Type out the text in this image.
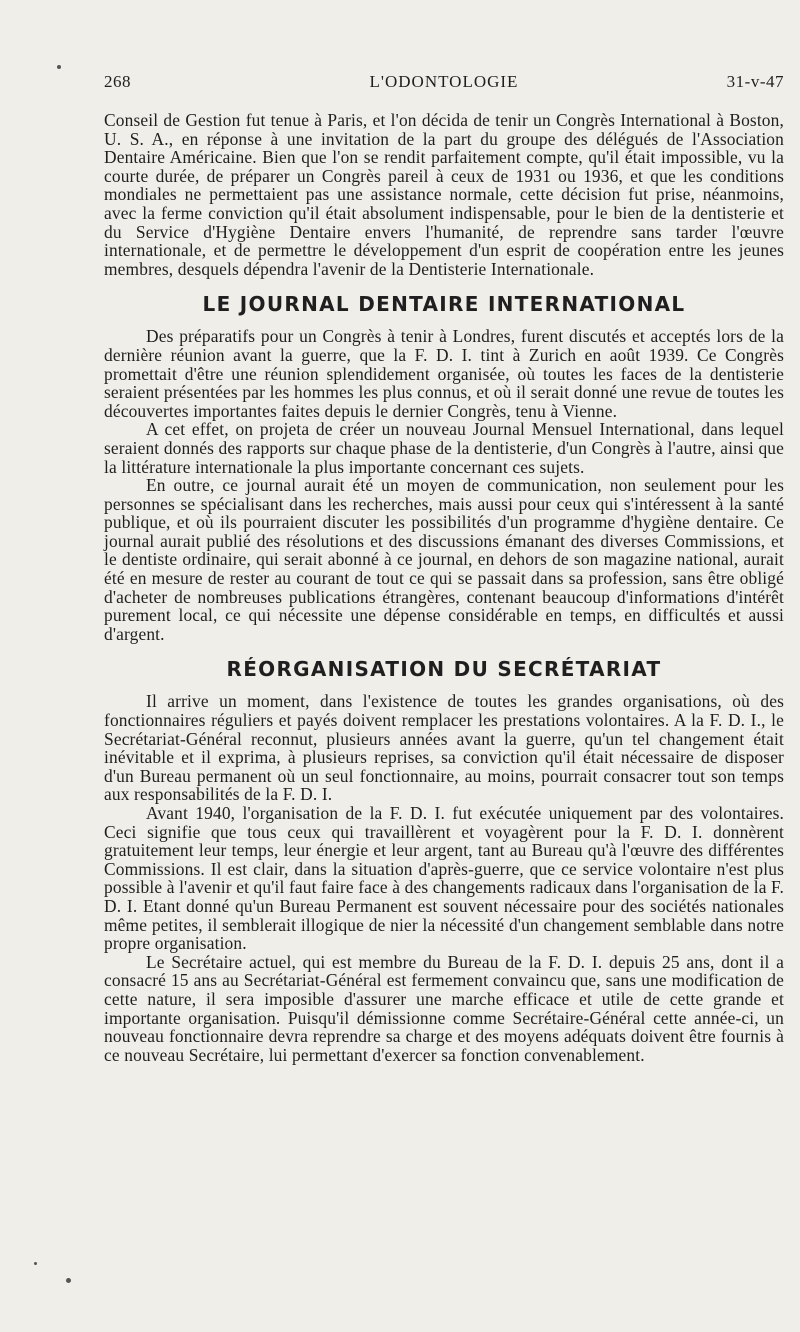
268	L'ODONTOLOGIE	31-v-47

Conseil de Gestion fut tenue à Paris, et l'on décida de tenir un Congrès International à Boston, U. S. A., en réponse à une invitation de la part du groupe des délégués de l'Association Dentaire Américaine. Bien que l'on se rendit parfaitement compte, qu'il était impossible, vu la courte durée, de préparer un Congrès pareil à ceux de 1931 ou 1936, et que les conditions mondiales ne permettaient pas une assistance normale, cette décision fut prise, néanmoins, avec la ferme conviction qu'il était absolument indispensable, pour le bien de la dentisterie et du Service d'Hygiène Dentaire envers l'humanité, de reprendre sans tarder l'œuvre internationale, et de permettre le développement d'un esprit de coopération entre les jeunes membres, desquels dépendra l'avenir de la Dentisterie Internationale.

LE JOURNAL DENTAIRE INTERNATIONAL

Des préparatifs pour un Congrès à tenir à Londres, furent discutés et acceptés lors de la dernière réunion avant la guerre, que la F. D. I. tint à Zurich en août 1939. Ce Congrès promettait d'être une réunion splendidement organisée, où toutes les faces de la dentisterie seraient présentées par les hommes les plus connus, et où il serait donné une revue de toutes les découvertes importantes faites depuis le dernier Congrès, tenu à Vienne.

A cet effet, on projeta de créer un nouveau Journal Mensuel International, dans lequel seraient donnés des rapports sur chaque phase de la dentisterie, d'un Congrès à l'autre, ainsi que la littérature internationale la plus importante concernant ces sujets.

En outre, ce journal aurait été un moyen de communication, non seulement pour les personnes se spécialisant dans les recherches, mais aussi pour ceux qui s'intéressent à la santé publique, et où ils pourraient discuter les possibilités d'un programme d'hygiène dentaire. Ce journal aurait publié des résolutions et des discussions émanant des diverses Commissions, et le dentiste ordinaire, qui serait abonné à ce journal, en dehors de son magazine national, aurait été en mesure de rester au courant de tout ce qui se passait dans sa profession, sans être obligé d'acheter de nombreuses publications étrangères, contenant beaucoup d'informations d'intérêt purement local, ce qui nécessite une dépense considérable en temps, en difficultés et aussi d'argent.

RÉORGANISATION DU SECRÉTARIAT

Il arrive un moment, dans l'existence de toutes les grandes organisations, où des fonctionnaires réguliers et payés doivent remplacer les prestations volontaires. A la F. D. I., le Secrétariat-Général reconnut, plusieurs années avant la guerre, qu'un tel changement était inévitable et il exprima, à plusieurs reprises, sa conviction qu'il était nécessaire de disposer d'un Bureau permanent où un seul fonctionnaire, au moins, pourrait consacrer tout son temps aux responsabilités de la F. D. I.

Avant 1940, l'organisation de la F. D. I. fut exécutée uniquement par des volontaires. Ceci signifie que tous ceux qui travaillèrent et voyagèrent pour la F. D. I. donnèrent gratuitement leur temps, leur énergie et leur argent, tant au Bureau qu'à l'œuvre des différentes Commissions. Il est clair, dans la situation d'après-guerre, que ce service volontaire n'est plus possible à l'avenir et qu'il faut faire face à des changements radicaux dans l'organisation de la F. D. I. Etant donné qu'un Bureau Permanent est souvent nécessaire pour des sociétés nationales même petites, il semblerait illogique de nier la nécessité d'un changement semblable dans notre propre organisation.

Le Secrétaire actuel, qui est membre du Bureau de la F. D. I. depuis 25 ans, dont il a consacré 15 ans au Secrétariat-Général est fermement convaincu que, sans une modification de cette nature, il sera imposible d'assurer une marche efficace et utile de cette grande et importante organisation. Puisqu'il démissionne comme Secrétaire-Général cette année-ci, un nouveau fonctionnaire devra reprendre sa charge et des moyens adéquats doivent être fournis à ce nouveau Secrétaire, lui permettant d'exercer sa fonction convenablement.
